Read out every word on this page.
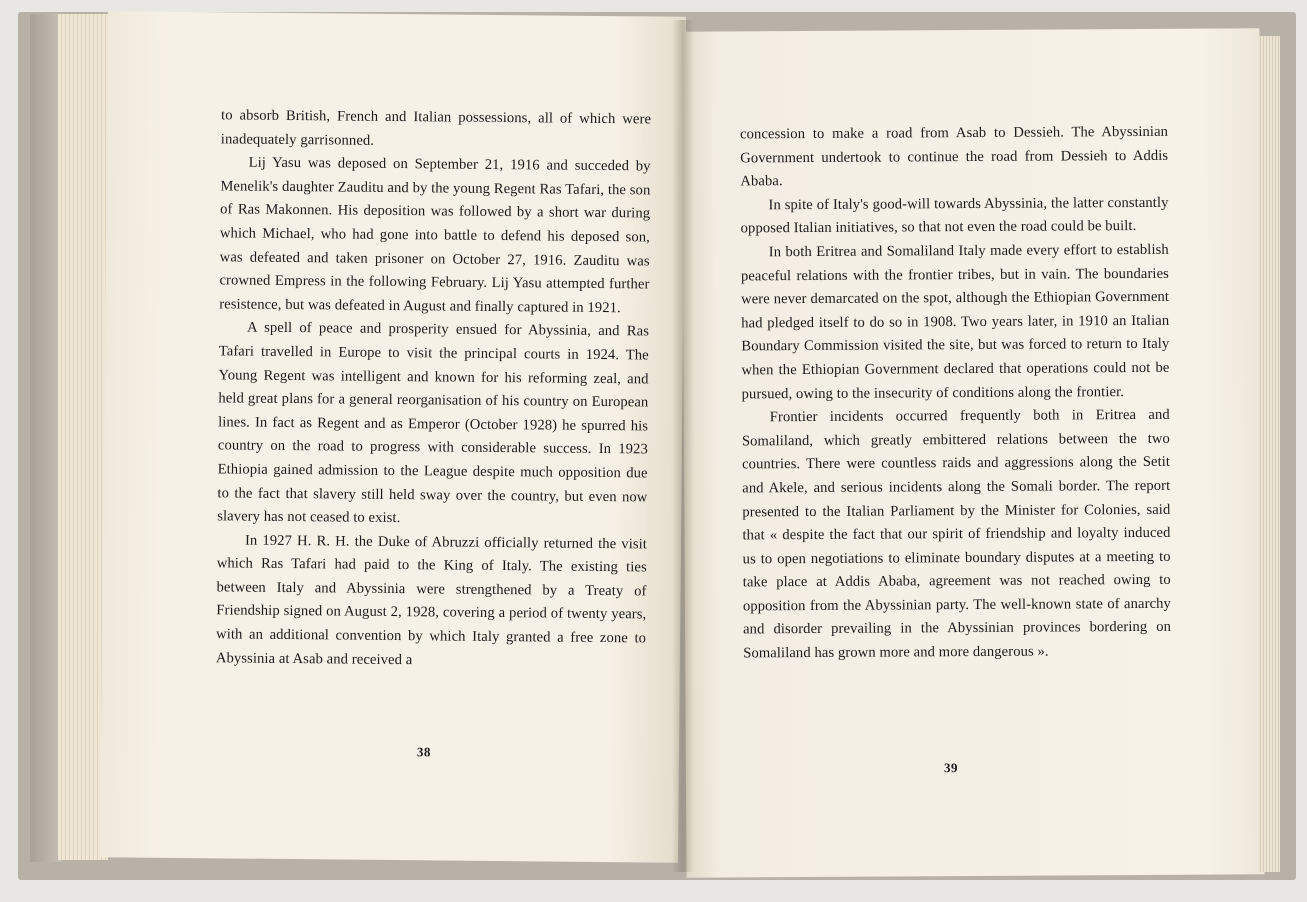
to absorb British, French and Italian possessions, all of which were inadequately garrisonned.

Lij Yasu was deposed on September 21, 1916 and succeded by Menelik's daughter Zauditu and by the young Regent Ras Tafari, the son of Ras Makonnen. His deposition was followed by a short war during which Michael, who had gone into battle to defend his deposed son, was defeated and taken prisoner on October 27, 1916. Zauditu was crowned Empress in the following February. Lij Yasu attempted further resistence, but was defeated in August and finally captured in 1921.

A spell of peace and prosperity ensued for Abyssinia, and Ras Tafari travelled in Europe to visit the principal courts in 1924. The Young Regent was intelligent and known for his reforming zeal, and held great plans for a general reorganisation of his country on European lines. In fact as Regent and as Emperor (October 1928) he spurred his country on the road to progress with considerable success. In 1923 Ethiopia gained admission to the League despite much opposition due to the fact that slavery still held sway over the country, but even now slavery has not ceased to exist.

In 1927 H. R. H. the Duke of Abruzzi officially returned the visit which Ras Tafari had paid to the King of Italy. The existing ties between Italy and Abyssinia were strengthened by a Treaty of Friendship signed on August 2, 1928, covering a period of twenty years, with an additional convention by which Italy granted a free zone to Abyssinia at Asab and received a

38

concession to make a road from Asab to Dessieh. The Abyssinian Government undertook to continue the road from Dessieh to Addis Ababa.

In spite of Italy's good-will towards Abyssinia, the latter constantly opposed Italian initiatives, so that not even the road could be built.

In both Eritrea and Somaliland Italy made every effort to establish peaceful relations with the frontier tribes, but in vain. The boundaries were never demarcated on the spot, although the Ethiopian Government had pledged itself to do so in 1908. Two years later, in 1910 an Italian Boundary Commission visited the site, but was forced to return to Italy when the Ethiopian Government declared that operations could not be pursued, owing to the insecurity of conditions along the frontier.

Frontier incidents occurred frequently both in Eritrea and Somaliland, which greatly embittered relations between the two countries. There were countless raids and aggressions along the Setit and Akele, and serious incidents along the Somali border. The report presented to the Italian Parliament by the Minister for Colonies, said that « despite the fact that our spirit of friendship and loyalty induced us to open negotiations to eliminate boundary disputes at a meeting to take place at Addis Ababa, agreement was not reached owing to opposition from the Abyssinian party. The well-known state of anarchy and disorder prevailing in the Abyssinian provinces bordering on Somaliland has grown more and more dangerous ».

39
